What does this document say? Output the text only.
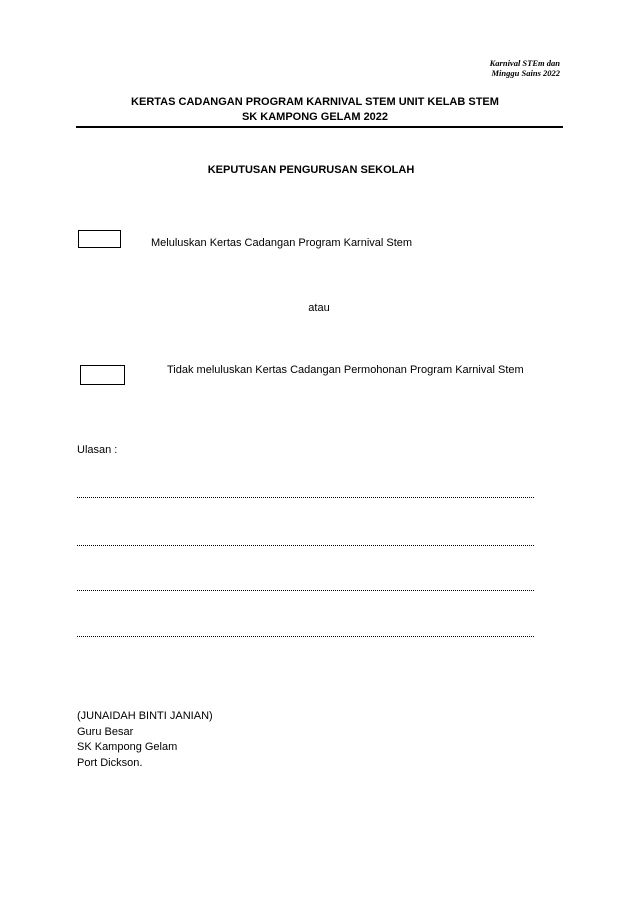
Karnival STEm dan
Minggu Sains 2022
KERTAS CADANGAN PROGRAM KARNIVAL STEM UNIT KELAB STEM
SK KAMPONG GELAM 2022
KEPUTUSAN PENGURUSAN SEKOLAH
Meluluskan Kertas Cadangan Program Karnival Stem
atau
Tidak meluluskan Kertas Cadangan Permohonan Program Karnival Stem
Ulasan :
(JUNAIDAH BINTI JANIAN)
Guru Besar
SK Kampong Gelam
Port Dickson.
